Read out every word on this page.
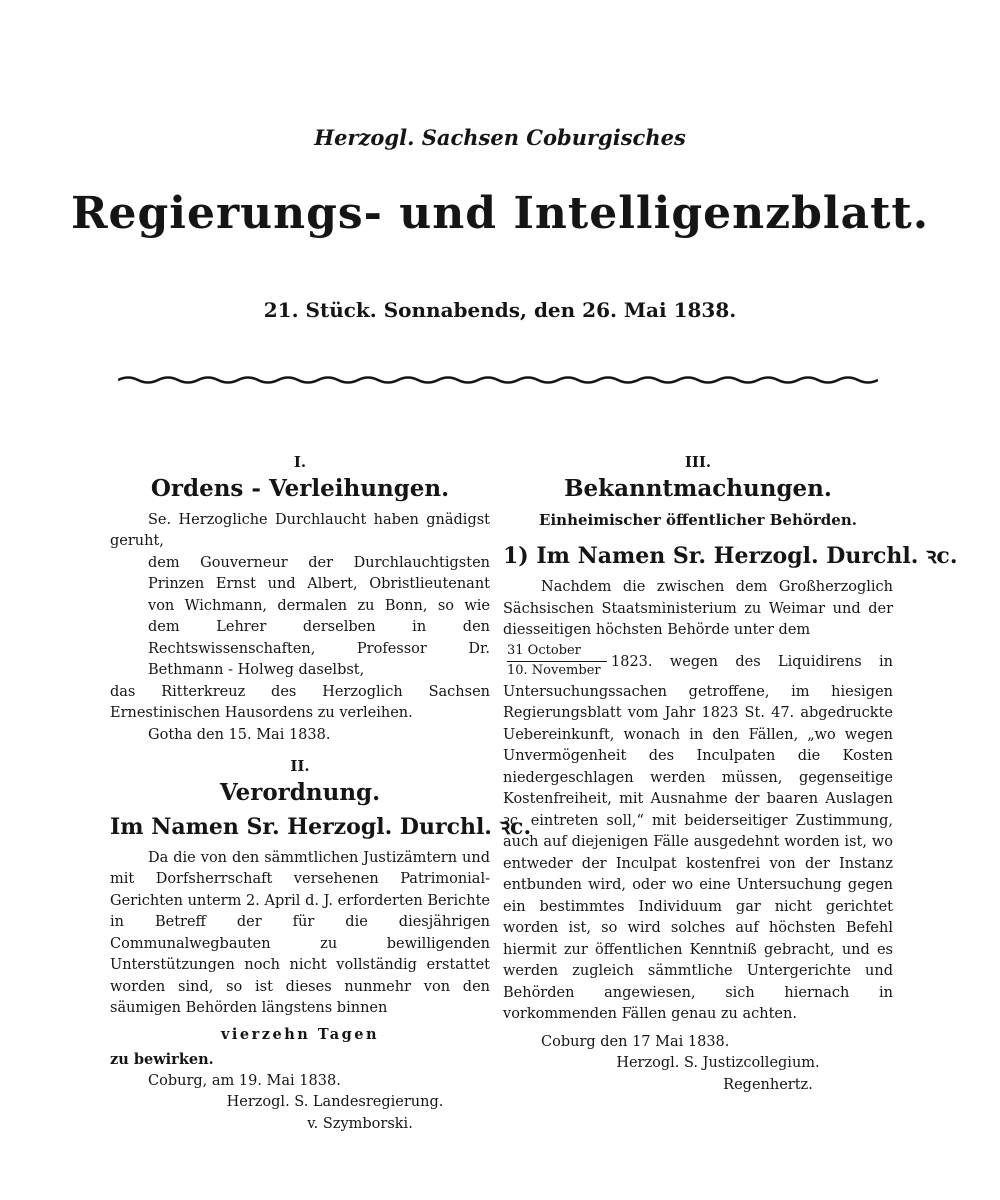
Herzogl. Sachsen Coburgisches
Regierungs- und Intelligenzblatt.
21. Stück. Sonnabends, den 26. Mai 1838.
I.
Ordens - Verleihungen.

Se. Herzogliche Durchlaucht haben gnädigst geruht,

dem Gouverneur der Durchlauchtigsten Prinzen Ernst und Albert, Obristlieutenant von Wichmann, dermalen zu Bonn, so wie dem Lehrer derselben in den Rechtswissenschaften, Professor Dr. Bethmann - Holweg daselbst,

das Ritterkreuz des Herzoglich Sachsen Ernestinischen Hausordens zu verleihen.

Gotha den 15. Mai 1838.

II.
Verordnung.
Im Namen Sr. Herzogl. Durchl. ꝛc.

Da die von den sämmtlichen Justizämtern und mit Dorfsherrschaft versehenen Patrimonial-Gerichten unterm 2. April d. J. erforderten Berichte in Betreff der für die diesjährigen Communalwegbauten zu bewilligenden Unterstützungen noch nicht vollständig erstattet worden sind, so ist dieses nunmehr von den säumigen Behörden längstens binnen

vierzehn Tagen

zu bewirken.

Coburg, am 19. Mai 1838.

Herzogl. S. Landesregierung.

v. Szymborski.

III.
Bekanntmachungen.
Einheimischer öffentlicher Behörden.
1) Im Namen Sr. Herzogl. Durchl. ꝛc.

Nachdem die zwischen dem Großherzoglich Sächsischen Staatsministerium zu Weimar und der diesseitigen höchsten Behörde unter dem

$\frac{\text{31 October}}{\text{10. November}} 1823$. wegen des Liquidirens in Untersuchungssachen getroffene, im hiesigen Regierungsblatt vom Jahr 1823 St. 47. abgedruckte Uebereinkunft, wonach in den Fällen, „wo wegen Unvermögenheit des Inculpaten die Kosten niedergeschlagen werden müssen, gegenseitige Kostenfreiheit, mit Ausnahme der baaren Auslagen ꝛc. eintreten soll,“ mit beiderseitiger Zustimmung, auch auf diejenigen Fälle ausgedehnt worden ist, wo entweder der Inculpat kostenfrei von der Instanz entbunden wird, oder wo eine Untersuchung gegen ein bestimmtes Individuum gar nicht gerichtet worden ist, so wird solches auf höchsten Befehl hiermit zur öffentlichen Kenntniß gebracht, und es werden zugleich sämmtliche Untergerichte und Behörden angewiesen, sich hiernach in vorkommenden Fällen genau zu achten.

Coburg den 17 Mai 1838.

Herzogl. S. Justizcollegium.

Regenhertz.
